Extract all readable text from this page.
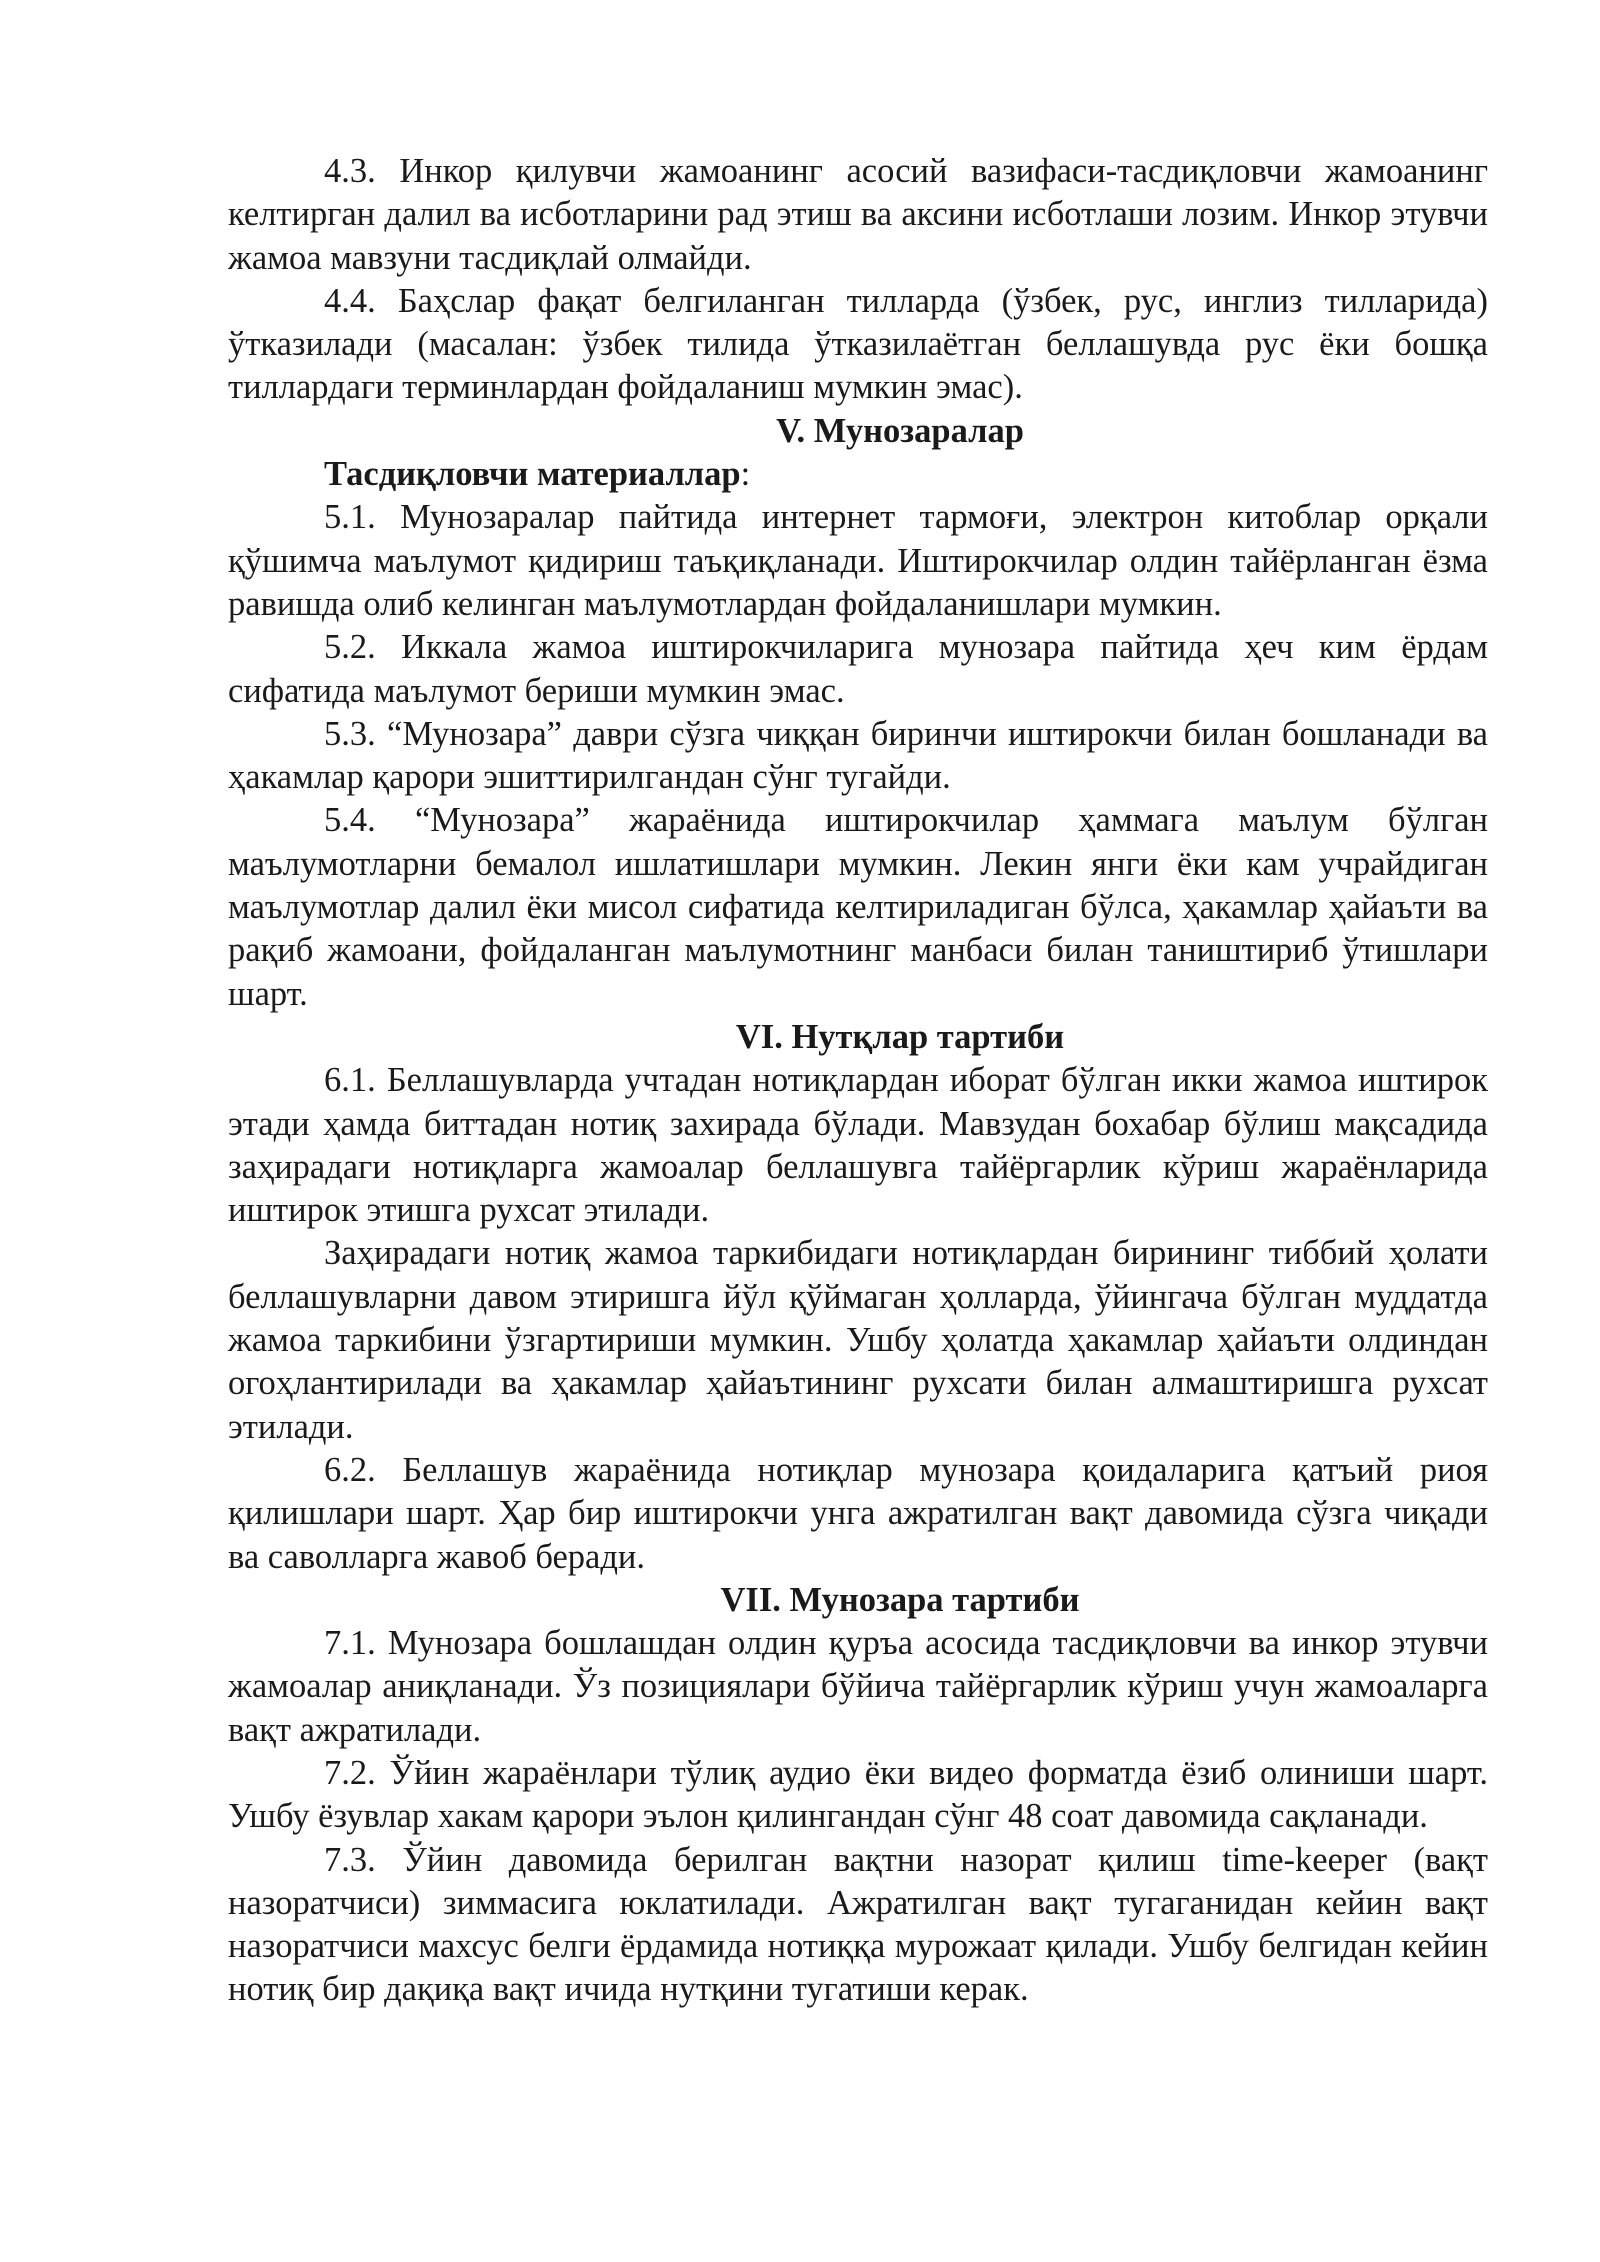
4.3. Инкор қилувчи жамоанинг асосий вазифаси-тасдиқловчи жамоанинг келтирган далил ва исботларини рад этиш ва аксини исботлаши лозим. Инкор этувчи жамоа мавзуни тасдиқлай олмайди.

4.4. Баҳслар фақат белгиланган тилларда (ўзбек, рус, инглиз тилларида) ўтказилади (масалан: ўзбек тилида ўтказилаётган беллашувда рус ёки бошқа тиллардаги терминлардан фойдаланиш мумкин эмас).

V. Мунозаралар

Тасдиқловчи материаллар:

5.1. Мунозаралар пайтида интернет тармоғи, электрон китоблар орқали қўшимча маълумот қидириш таъқиқланади. Иштирокчилар олдин тайёрланган ёзма равишда олиб келинган маълумотлардан фойдаланишлари мумкин.

5.2. Иккала жамоа иштирокчиларига мунозара пайтида ҳеч ким ёрдам сифатида маълумот бериши мумкин эмас.

5.3. “Мунозара” даври сўзга чиққан биринчи иштирокчи билан бошланади ва ҳакамлар қарори эшиттирилгандан сўнг тугайди.

5.4. “Мунозара” жараёнида иштирокчилар ҳаммага маълум бўлган маълумотларни бемалол ишлатишлари мумкин. Лекин янги ёки кам учрайдиган маълумотлар далил ёки мисол сифатида келтириладиган бўлса, ҳакамлар ҳайаъти ва рақиб жамоани, фойдаланган маълумотнинг манбаси билан таништириб ўтишлари шарт.

VI. Нутқлар тартиби

6.1. Беллашувларда учтадан нотиқлардан иборат бўлган икки жамоа иштирок этади ҳамда биттадан нотиқ захирада бўлади. Мавзудан бохабар бўлиш мақсадида заҳирадаги нотиқларга жамоалар беллашувга тайёргарлик кўриш жараёнларида иштирок этишга рухсат этилади.

Заҳирадаги нотиқ жамоа таркибидаги нотиқлардан бирининг тиббий ҳолати беллашувларни давом этиришга йўл қўймаган ҳолларда, ўйингача бўлган муддатда жамоа таркибини ўзгартириши мумкин. Ушбу ҳолатда ҳакамлар ҳайаъти олдиндан огоҳлантирилади ва ҳакамлар ҳайаътининг рухсати билан алмаштиришга рухсат этилади.

6.2. Беллашув жараёнида нотиқлар мунозара қоидаларига қатъий риоя қилишлари шарт. Ҳар бир иштирокчи унга ажратилган вақт давомида сўзга чиқади ва саволларга жавоб беради.

VII. Мунозара тартиби

7.1. Мунозара бошлашдан олдин қуръа асосида тасдиқловчи ва инкор этувчи жамоалар аниқланади. Ўз позициялари бўйича тайёргарлик кўриш учун жамоаларга вақт ажратилади.

7.2. Ўйин жараёнлари тўлиқ аудио ёки видео форматда ёзиб олиниши шарт. Ушбу ёзувлар хакам қарори эълон қилингандан сўнг 48 соат давомида сақланади.

7.3. Ўйин давомида берилган вақтни назорат қилиш time-keeper (вақт назоратчиси) зиммасига юклатилади. Ажратилган вақт тугаганидан кейин вақт назоратчиси махсус белги ёрдамида нотиққа мурожаат қилади. Ушбу белгидан кейин нотиқ бир дақиқа вақт ичида нутқини тугатиши керак.
